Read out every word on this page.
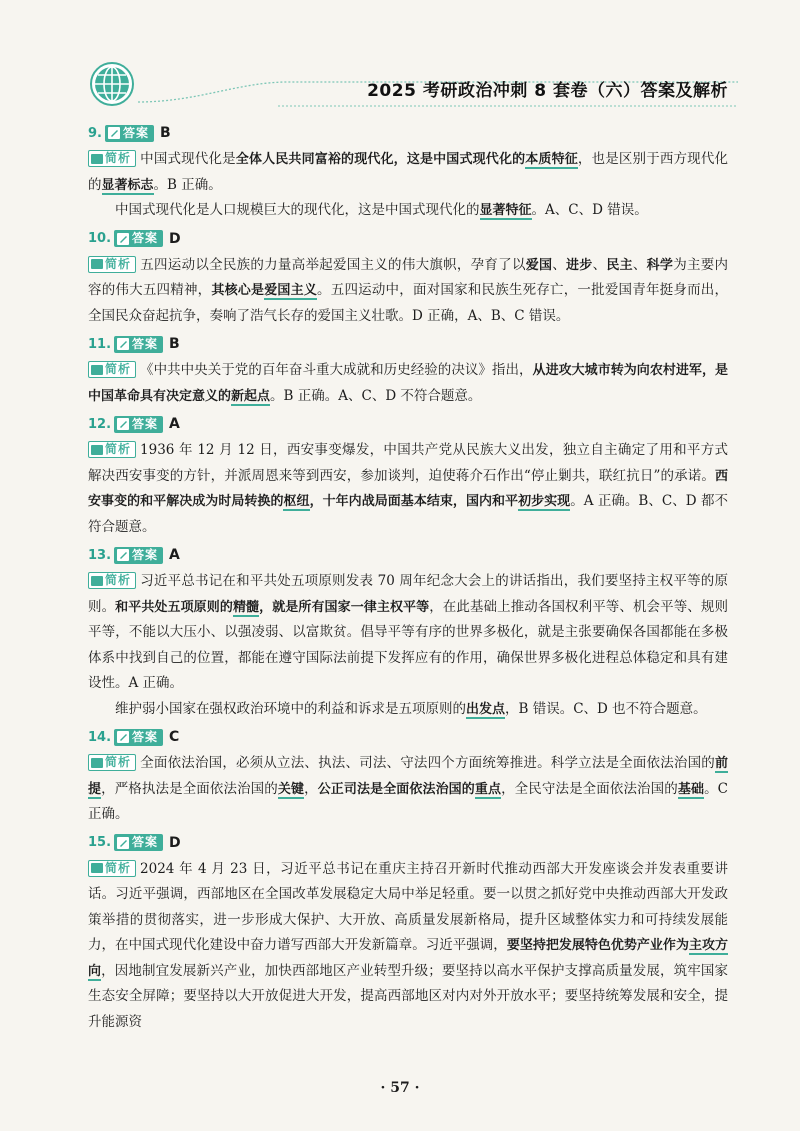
2025 考研政治冲刺 8 套卷（六）答案及解析
9. 答案 B
简析 中国式现代化是全体人民共同富裕的现代化，这是中国式现代化的本质特征，也是区别于西方现代化的显著标志。B 正确。
中国式现代化是人口规模巨大的现代化，这是中国式现代化的显著特征。A、C、D 错误。
10. 答案 D
简析 五四运动以全民族的力量高举起爱国主义的伟大旗帜，孕育了以爱国、进步、民主、科学为主要内容的伟大五四精神，其核心是爱国主义。五四运动中，面对国家和民族生死存亡，一批爱国青年挺身而出，全国民众奋起抗争，奏响了浩气长存的爱国主义壮歌。D 正确，A、B、C 错误。
11. 答案 B
简析 《中共中央关于党的百年奋斗重大成就和历史经验的决议》指出，从进攻大城市转为向农村进军，是中国革命具有决定意义的新起点。B 正确。A、C、D 不符合题意。
12. 答案 A
简析 1936 年 12 月 12 日，西安事变爆发，中国共产党从民族大义出发，独立自主确定了用和平方式解决西安事变的方针，并派周恩来等到西安，参加谈判，迫使蒋介石作出“停止剿共，联红抗日”的承诺。西安事变的和平解决成为时局转换的枢纽，十年内战局面基本结束，国内和平初步实现。A 正确。B、C、D 都不符合题意。
13. 答案 A
简析 习近平总书记在和平共处五项原则发表 70 周年纪念大会上的讲话指出，我们要坚持主权平等的原则。和平共处五项原则的精髓，就是所有国家一律主权平等，在此基础上推动各国权利平等、机会平等、规则平等，不能以大压小、以强凌弱、以富欺贫。倡导平等有序的世界多极化，就是主张要确保各国都能在多极体系中找到自己的位置，都能在遵守国际法前提下发挥应有的作用，确保世界多极化进程总体稳定和具有建设性。A 正确。
维护弱小国家在强权政治环境中的利益和诉求是五项原则的出发点，B 错误。C、D 也不符合题意。
14. 答案 C
简析 全面依法治国，必须从立法、执法、司法、守法四个方面统筹推进。科学立法是全面依法治国的前提，严格执法是全面依法治国的关键，公正司法是全面依法治国的重点，全民守法是全面依法治国的基础。C 正确。
15. 答案 D
简析 2024 年 4 月 23 日，习近平总书记在重庆主持召开新时代推动西部大开发座谈会并发表重要讲话。习近平强调，西部地区在全国改革发展稳定大局中举足轻重。要一以贯之抓好党中央推动西部大开发政策举措的贯彻落实，进一步形成大保护、大开放、高质量发展新格局，提升区域整体实力和可持续发展能力，在中国式现代化建设中奋力谱写西部大开发新篇章。习近平强调，要坚持把发展特色优势产业作为主攻方向，因地制宜发展新兴产业，加快西部地区产业转型升级；要坚持以高水平保护支撑高质量发展，筑牢国家生态安全屏障；要坚持以大开放促进大开发，提高西部地区对内对外开放水平；要坚持统筹发展和安全，提升能源资
· 57 ·
